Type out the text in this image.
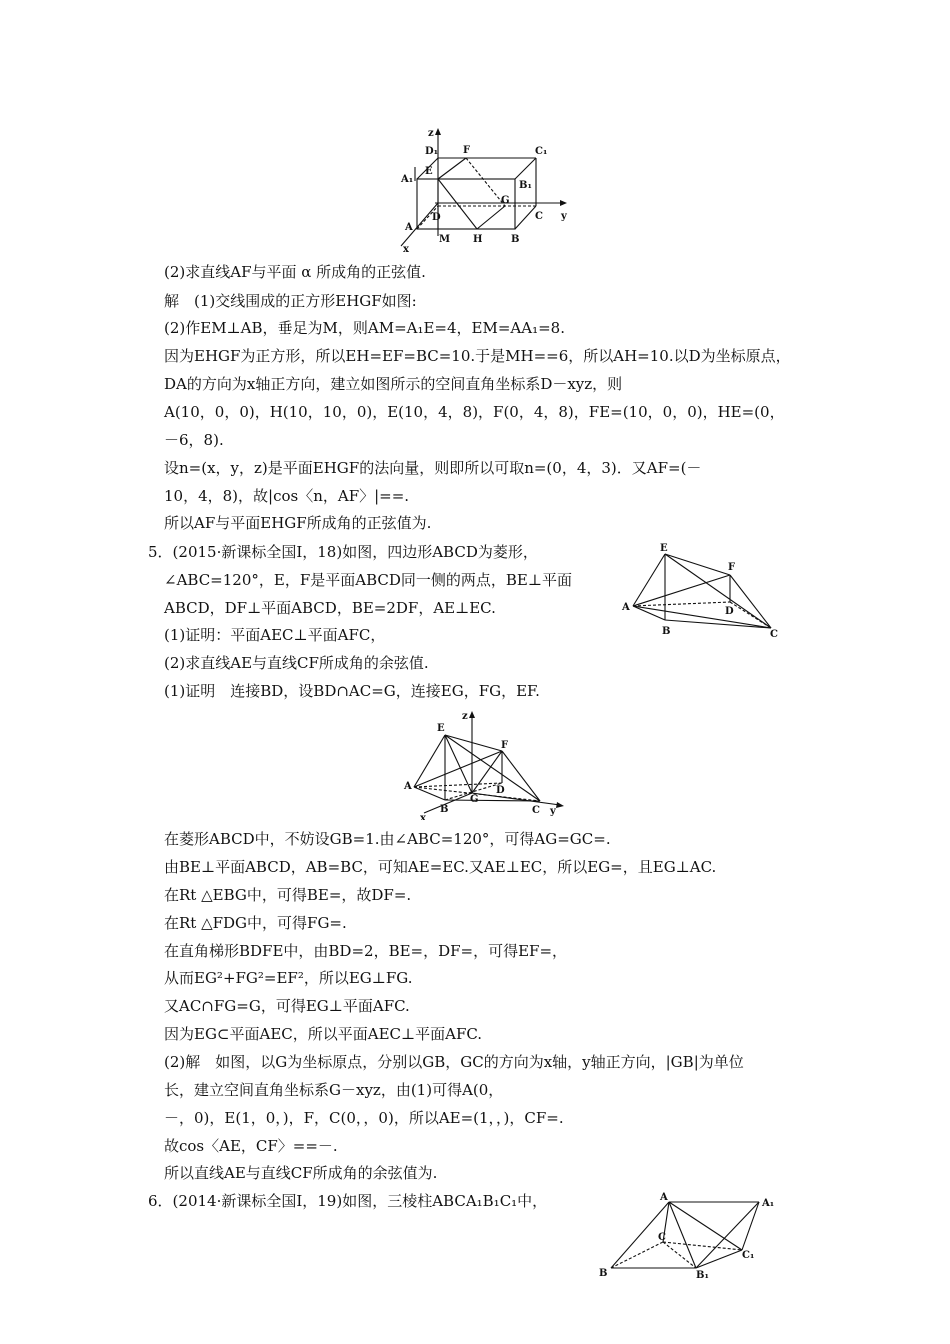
z
D₁ F	C₁
E
A₁
B₁
G
A
D	C y
M H	B
x
(2)求直线AF与平面 α 所成角的正弦值.
解　(1)交线围成的正方形EHGF如图:
(2)作EM⊥AB，垂足为M，则AM=A₁E=4，EM=AA₁=8.
因为EHGF为正方形，所以EH=EF=BC=10.于是MH==6，所以AH=10.以D为坐标原点，
DA的方向为x轴正方向，建立如图所示的空间直角坐标系D－xyz，则
A(10，0，0)，H(10，10，0)，E(10，4，8)，F(0，4，8)，FE=(10，0，0)，HE=(0，
－6，8).
设n=(x，y，z)是平面EHGF的法向量，则即所以可取n=(0，4，3)．又AF=(－
10，4，8)，故|cos〈n，AF〉|==.
所以AF与平面EHGF所成角的正弦值为.
5．(2015·新课标全国Ⅰ，18)如图，四边形ABCD为菱形，
∠ABC=120°，E，F是平面ABCD同一侧的两点，BE⊥平面
ABCD，DF⊥平面ABCD，BE=2DF，AE⊥EC.
(1)证明：平面AEC⊥平面AFC，
(2)求直线AE与直线CF所成角的余弦值.
(1)证明　连接BD，设BD∩AC=G，连接EG，FG，EF.
E
F
A	D
B	C
z
E
F
A	D
G
B	C y
x
在菱形ABCD中，不妨设GB=1.由∠ABC=120°，可得AG=GC=.
由BE⊥平面ABCD，AB=BC，可知AE=EC.又AE⊥EC，所以EG=，且EG⊥AC.
在Rt △EBG中，可得BE=，故DF=.
在Rt △FDG中，可得FG=.
在直角梯形BDFE中，由BD=2，BE=，DF=，可得EF=，
从而EG²+FG²=EF²，所以EG⊥FG.
又AC∩FG=G，可得EG⊥平面AFC.
因为EG⊂平面AEC，所以平面AEC⊥平面AFC.
(2)解　如图，以G为坐标原点，分别以GB，GC的方向为x轴，y轴正方向，|GB|为单位
长，建立空间直角坐标系G－xyz，由(1)可得A(0，
－，0)，E(1，0，)，F，C(0，，0)，所以AE=(1，，)，CF=.
故cos〈AE，CF〉==－.
所以直线AE与直线CF所成角的余弦值为.
6．(2014·新课标全国Ⅰ，19)如图，三棱柱ABCA₁B₁C₁中，	A
A₁
C
C₁
B	B₁
